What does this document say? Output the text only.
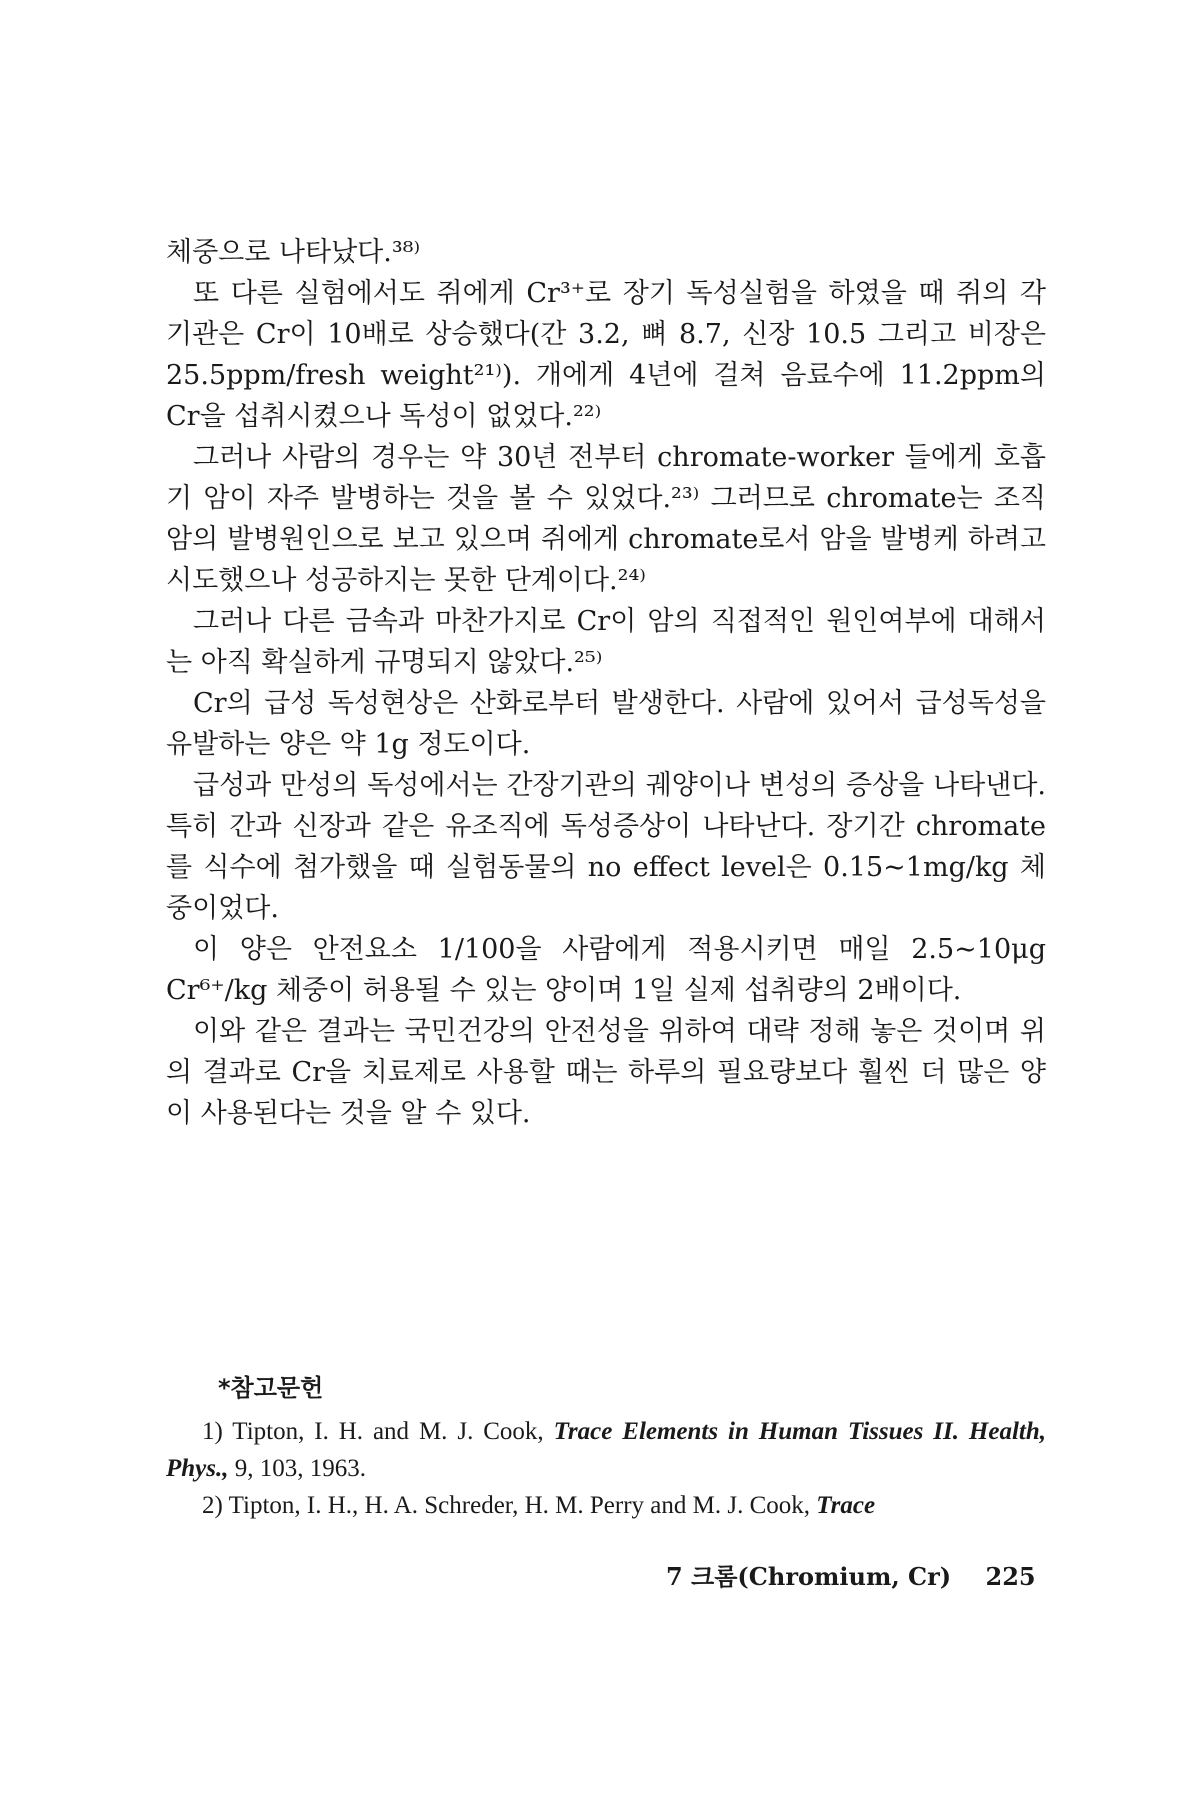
체중으로 나타났다.³⁸⁾

또 다른 실험에서도 쥐에게 Cr³⁺로 장기 독성실험을 하였을 때 쥐의 각 기관은 Cr이 10배로 상승했다(간 3.2, 뼈 8.7, 신장 10.5 그리고 비장은 25.5ppm/fresh weight²¹⁾). 개에게 4년에 걸쳐 음료수에 11.2ppm의 Cr을 섭취시켰으나 독성이 없었다.²²⁾

그러나 사람의 경우는 약 30년 전부터 chromate-worker 들에게 호흡기 암이 자주 발병하는 것을 볼 수 있었다.²³⁾ 그러므로 chromate는 조직 암의 발병원인으로 보고 있으며 쥐에게 chromate로서 암을 발병케 하려고 시도했으나 성공하지는 못한 단계이다.²⁴⁾

그러나 다른 금속과 마찬가지로 Cr이 암의 직접적인 원인여부에 대해서는 아직 확실하게 규명되지 않았다.²⁵⁾

Cr의 급성 독성현상은 산화로부터 발생한다. 사람에 있어서 급성독성을 유발하는 양은 약 1g 정도이다.

급성과 만성의 독성에서는 간장기관의 궤양이나 변성의 증상을 나타낸다. 특히 간과 신장과 같은 유조직에 독성증상이 나타난다. 장기간 chromate를 식수에 첨가했을 때 실험동물의 no effect level은 0.15∼1mg/kg 체중이었다.

이 양은 안전요소 1/100을 사람에게 적용시키면 매일 2.5∼10μg Cr⁶⁺/kg 체중이 허용될 수 있는 양이며 1일 실제 섭취량의 2배이다.

이와 같은 결과는 국민건강의 안전성을 위하여 대략 정해 놓은 것이며 위의 결과로 Cr을 치료제로 사용할 때는 하루의 필요량보다 훨씬 더 많은 양이 사용된다는 것을 알 수 있다.

*참고문헌

1) Tipton, I. H. and M. J. Cook, Trace Elements in Human Tissues II. Health, Phys., 9, 103, 1963.

2) Tipton, I. H., H. A. Schreder, H. M. Perry and M. J. Cook, Trace

7 크롬(Chromium, Cr) 225
